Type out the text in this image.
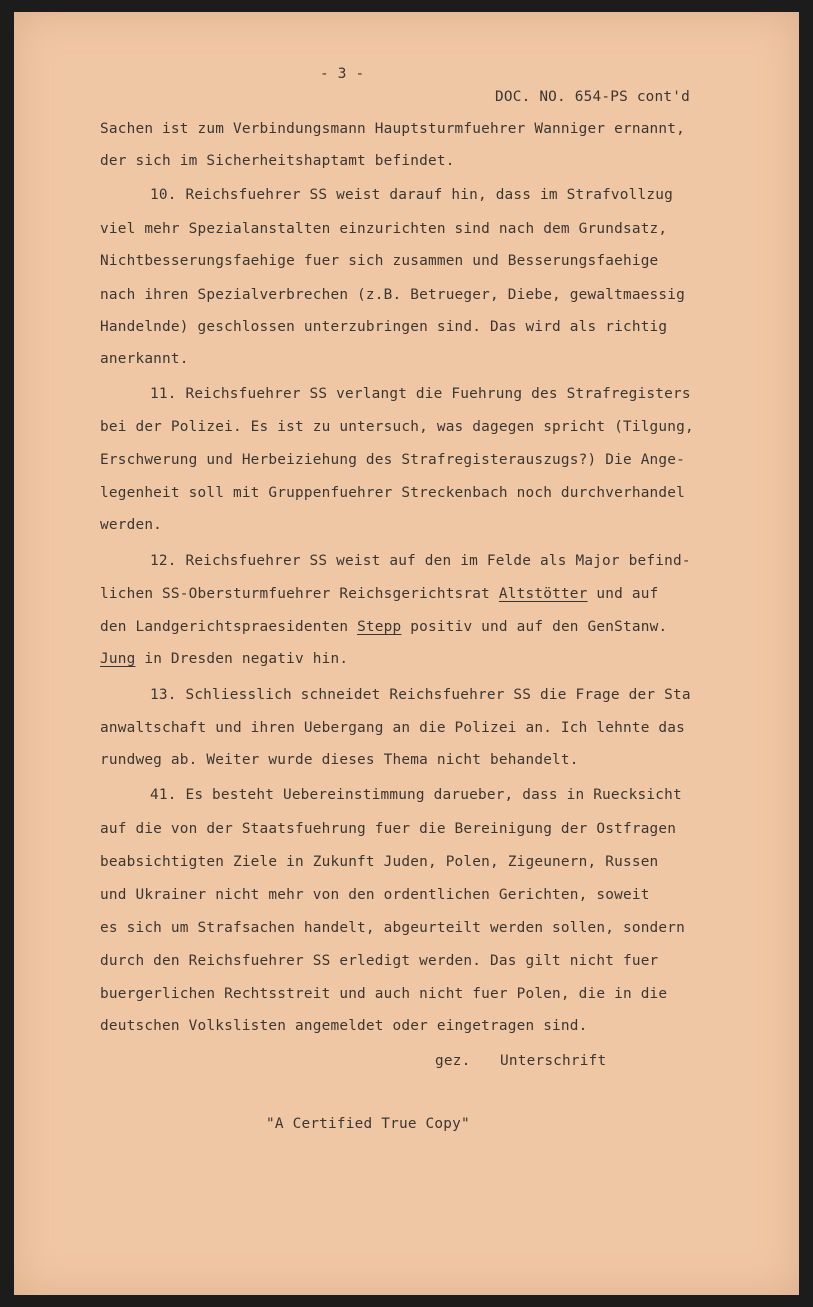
- 3 -
DOC. NO. 654-PS cont'd
Sachen ist zum Verbindungsmann Hauptsturmfuehrer Wanniger ernannt,
der sich im Sicherheitshaptamt befindet.
10. Reichsfuehrer SS weist darauf hin, dass im Strafvollzug
viel mehr Spezialanstalten einzurichten sind nach dem Grundsatz,
Nichtbesserungsfaehige fuer sich zusammen und Besserungsfaehige
nach ihren Spezialverbrechen (z.B. Betrueger, Diebe, gewaltmaessig
Handelnde) geschlossen unterzubringen sind. Das wird als richtig
anerkannt.
11. Reichsfuehrer SS verlangt die Fuehrung des Strafregisters
bei der Polizei. Es ist zu untersuch, was dagegen spricht (Tilgung,
Erschwerung und Herbeiziehung des Strafregisterauszugs?) Die Ange-
legenheit soll mit Gruppenfuehrer Streckenbach noch durchverhandel
werden.
12. Reichsfuehrer SS weist auf den im Felde als Major befind-
lichen SS-Obersturmfuehrer Reichsgerichtsrat Altstötter und auf
den Landgerichtspraesidenten Stepp positiv und auf den GenStanw.
Jung in Dresden negativ hin.
13. Schliesslich schneidet Reichsfuehrer SS die Frage der Sta
anwaltschaft und ihren Uebergang an die Polizei an. Ich lehnte das
rundweg ab. Weiter wurde dieses Thema nicht behandelt.
41. Es besteht Uebereinstimmung darueber, dass in Ruecksicht
auf die von der Staatsfuehrung fuer die Bereinigung der Ostfragen
beabsichtigten Ziele in Zukunft Juden, Polen, Zigeunern, Russen
und Ukrainer nicht mehr von den ordentlichen Gerichten, soweit
es sich um Strafsachen handelt, abgeurteilt werden sollen, sondern
durch den Reichsfuehrer SS erledigt werden. Das gilt nicht fuer
buergerlichen Rechtsstreit und auch nicht fuer Polen, die in die
deutschen Volkslisten angemeldet oder eingetragen sind.
gez. Unterschrift
"A Certified True Copy"
